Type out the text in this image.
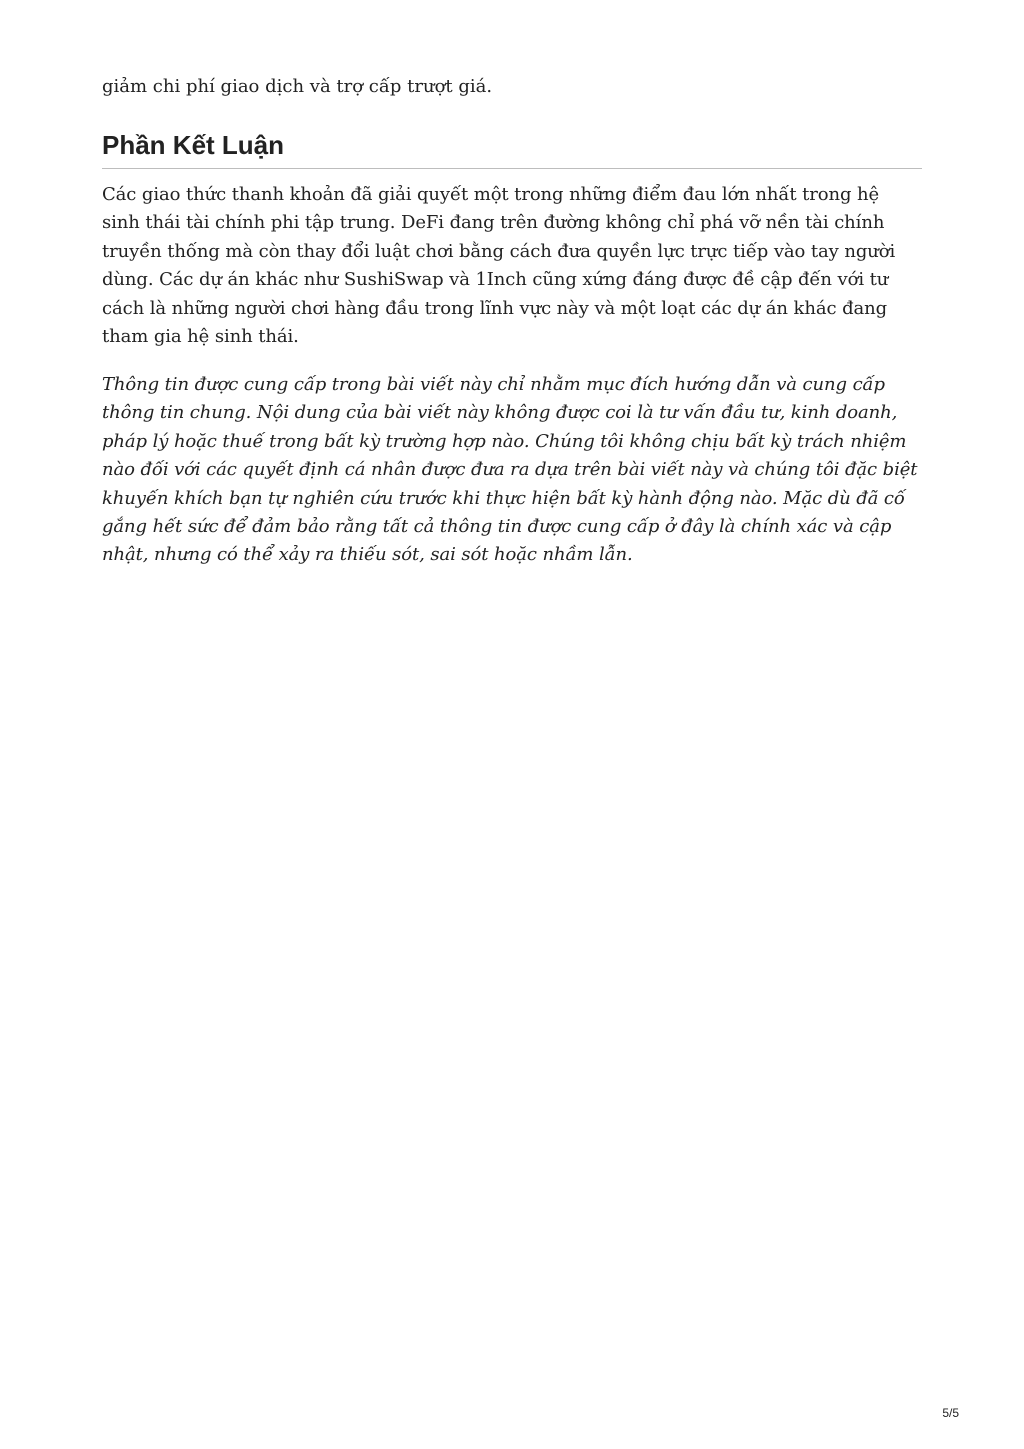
giảm chi phí giao dịch và trợ cấp trượt giá.

Phần Kết Luận

Các giao thức thanh khoản đã giải quyết một trong những điểm đau lớn nhất trong hệ sinh thái tài chính phi tập trung. DeFi đang trên đường không chỉ phá vỡ nền tài chính truyền thống mà còn thay đổi luật chơi bằng cách đưa quyền lực trực tiếp vào tay người dùng. Các dự án khác như SushiSwap và 1Inch cũng xứng đáng được đề cập đến với tư cách là những người chơi hàng đầu trong lĩnh vực này và một loạt các dự án khác đang tham gia hệ sinh thái.

Thông tin được cung cấp trong bài viết này chỉ nhằm mục đích hướng dẫn và cung cấp thông tin chung. Nội dung của bài viết này không được coi là tư vấn đầu tư, kinh doanh, pháp lý hoặc thuế trong bất kỳ trường hợp nào. Chúng tôi không chịu bất kỳ trách nhiệm nào đối với các quyết định cá nhân được đưa ra dựa trên bài viết này và chúng tôi đặc biệt khuyến khích bạn tự nghiên cứu trước khi thực hiện bất kỳ hành động nào. Mặc dù đã cố gắng hết sức để đảm bảo rằng tất cả thông tin được cung cấp ở đây là chính xác và cập nhật, nhưng có thể xảy ra thiếu sót, sai sót hoặc nhầm lẫn.

5/5
